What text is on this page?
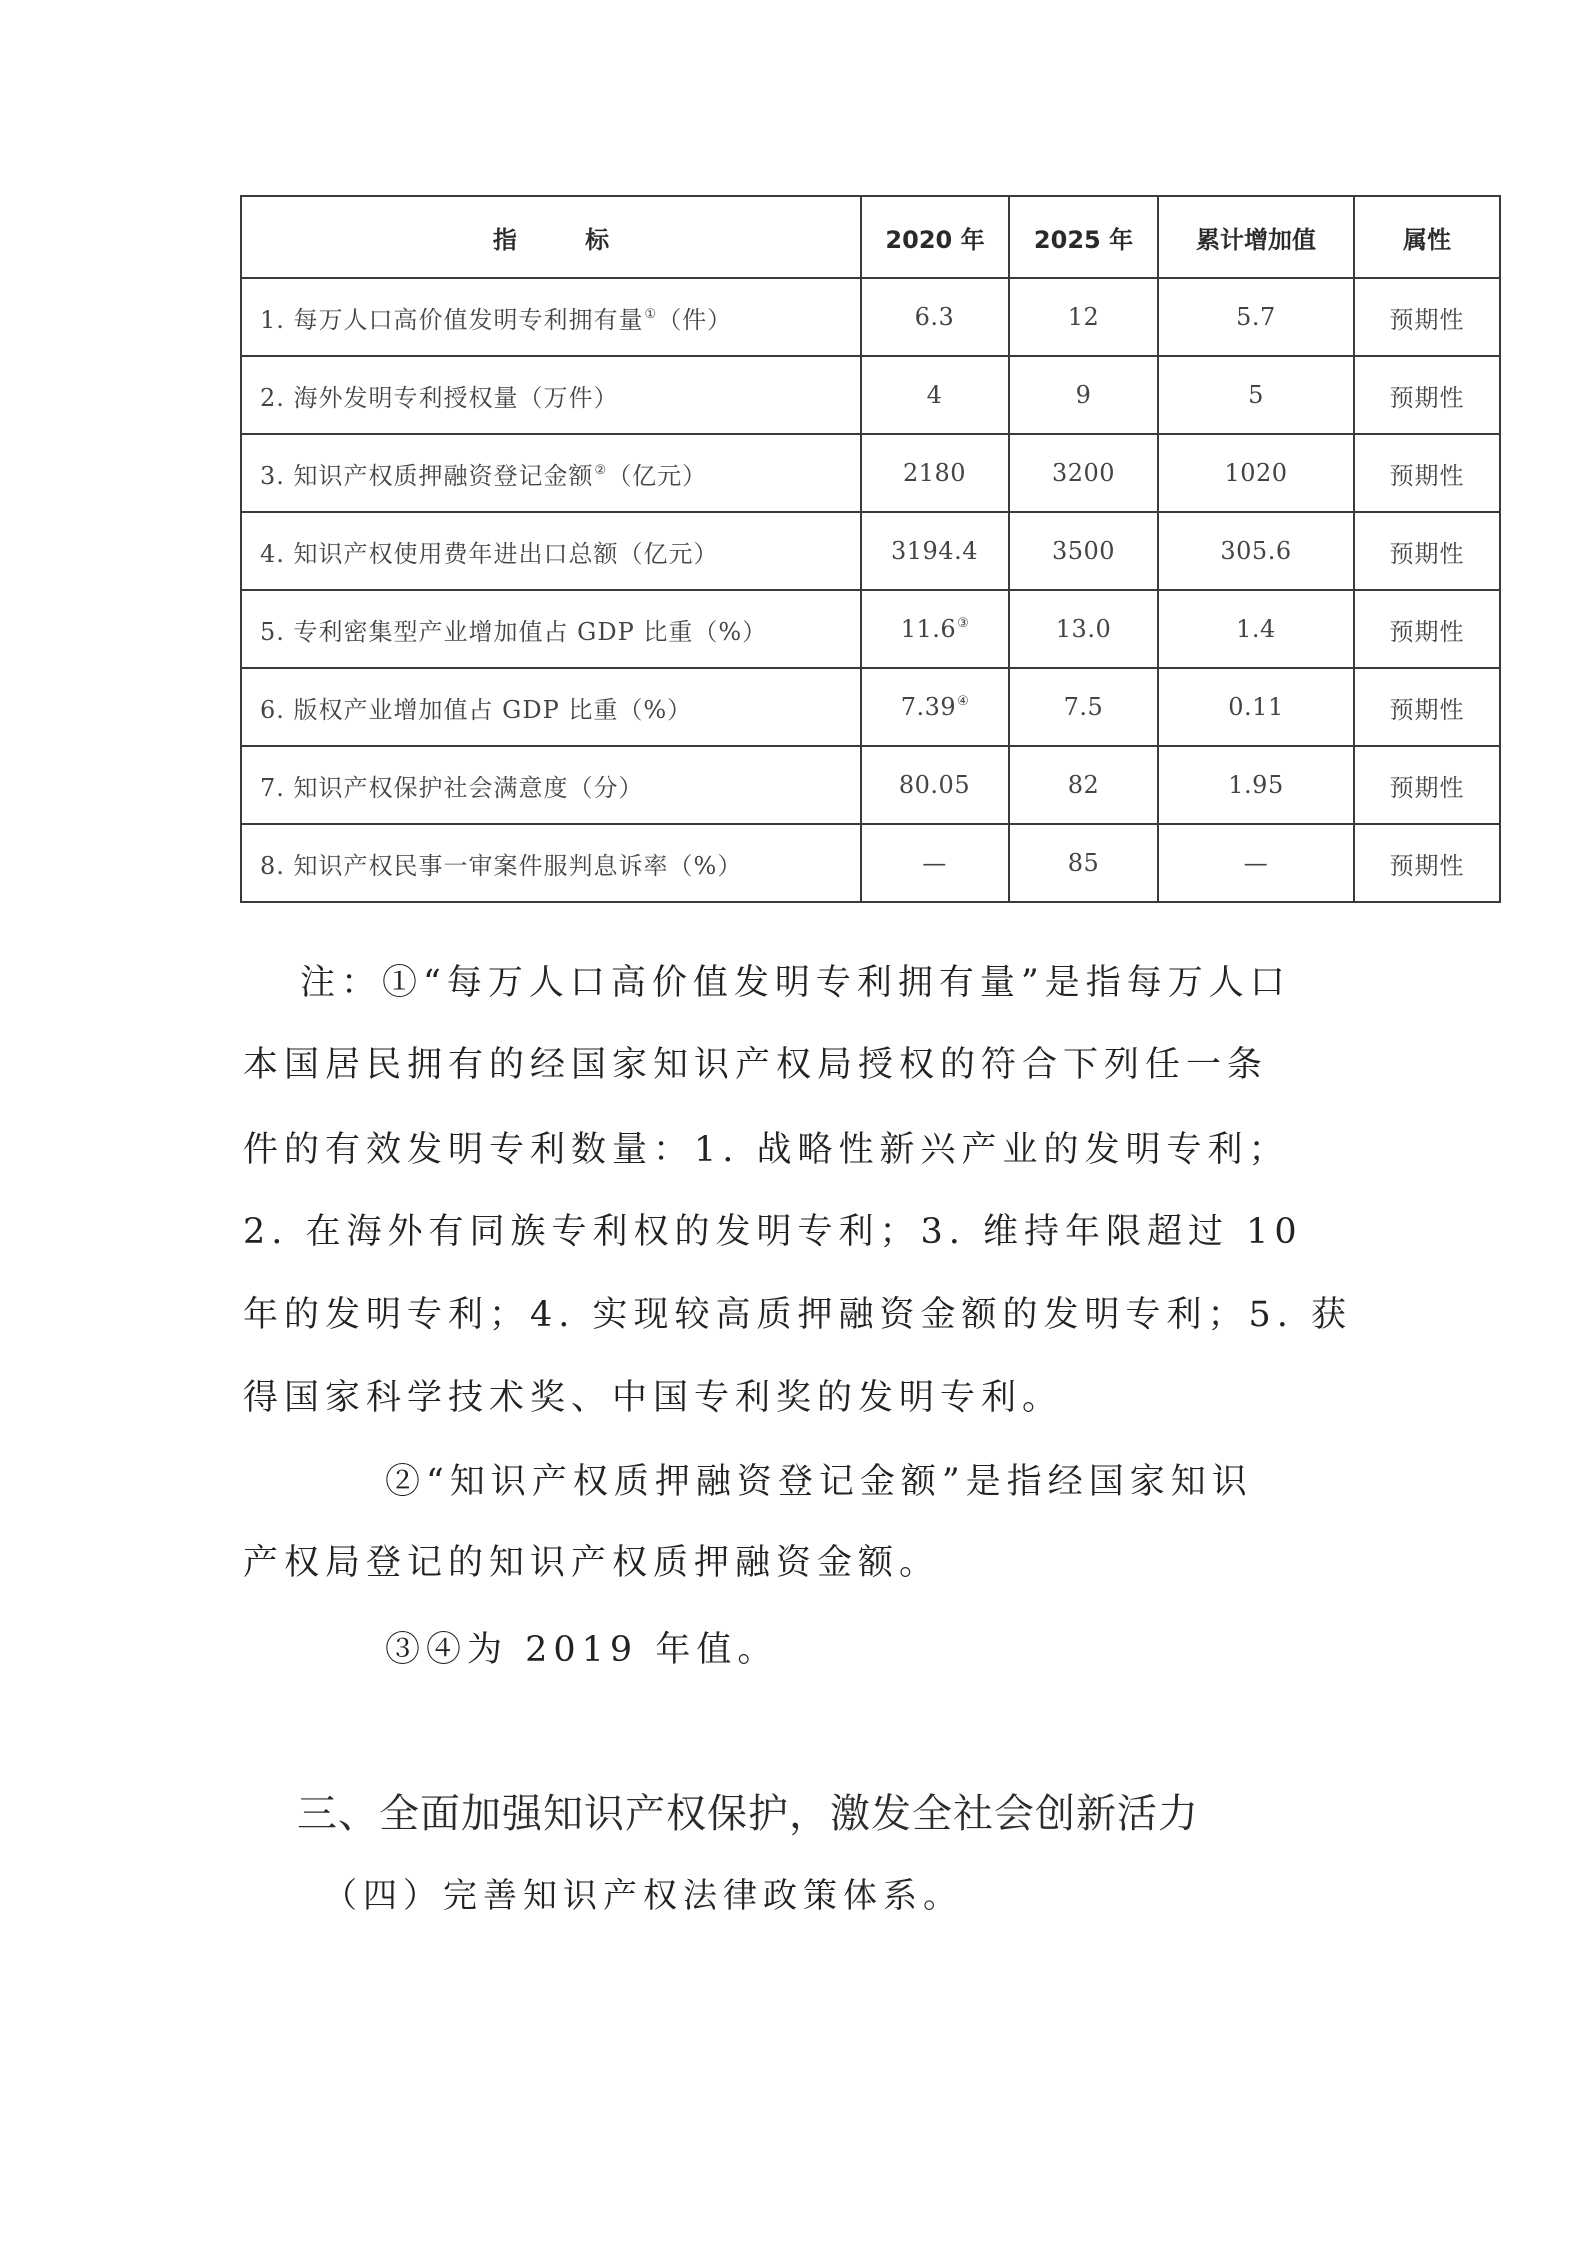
指 标	2020 年	2025 年	累计增加值	属性
1. 每万人口高价值发明专利拥有量①（件）	6.3	12	5.7	预期性
2. 海外发明专利授权量（万件）	4	9	5	预期性
3. 知识产权质押融资登记金额②（亿元）	2180	3200	1020	预期性
4. 知识产权使用费年进出口总额（亿元）	3194.4	3500	305.6	预期性
5. 专利密集型产业增加值占 GDP 比重（%）	11.6③	13.0	1.4	预期性
6. 版权产业增加值占 GDP 比重（%）	7.39④	7.5	0.11	预期性
7. 知识产权保护社会满意度（分）	80.05	82	1.95	预期性
8. 知识产权民事一审案件服判息诉率（%）	—	85	—	预期性
注：①“每万人口高价值发明专利拥有量”是指每万人口
本国居民拥有的经国家知识产权局授权的符合下列任一条
件的有效发明专利数量：1. 战略性新兴产业的发明专利；
2. 在海外有同族专利权的发明专利；3. 维持年限超过 10
年的发明专利；4. 实现较高质押融资金额的发明专利；5. 获
得国家科学技术奖、中国专利奖的发明专利。
②“知识产权质押融资登记金额”是指经国家知识
产权局登记的知识产权质押融资金额。
③④为 2019 年值。
三、全面加强知识产权保护，激发全社会创新活力
（四）完善知识产权法律政策体系。
